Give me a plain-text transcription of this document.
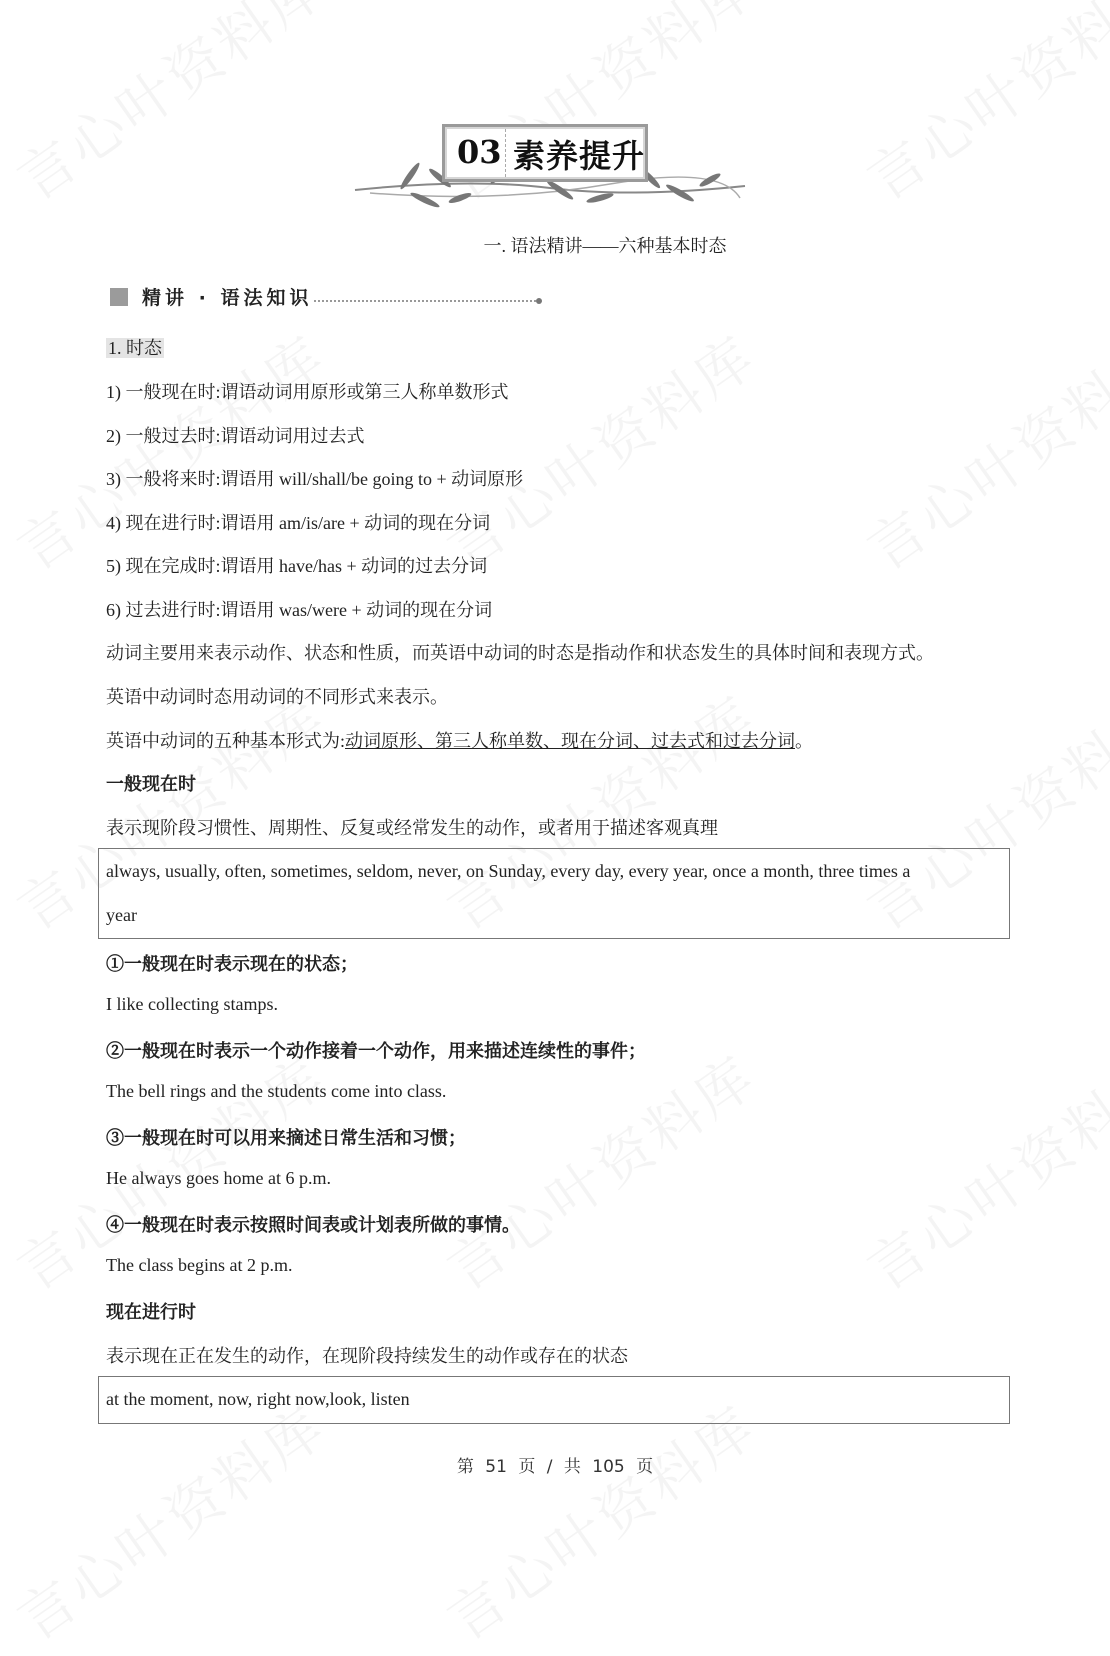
03 素养提升
一. 语法精讲——六种基本时态
精讲 · 语法知识
1. 时态
1) 一般现在时:谓语动词用原形或第三人称单数形式
2) 一般过去时:谓语动词用过去式
3) 一般将来时:谓语用 will/shall/be going to + 动词原形
4) 现在进行时:谓语用 am/is/are + 动词的现在分词
5) 现在完成时:谓语用 have/has + 动词的过去分词
6) 过去进行时:谓语用 was/were + 动词的现在分词
动词主要用来表示动作、状态和性质，而英语中动词的时态是指动作和状态发生的具体时间和表现方式。
英语中动词时态用动词的不同形式来表示。
英语中动词的五种基本形式为:动词原形、第三人称单数、现在分词、过去式和过去分词。
一般现在时
表示现阶段习惯性、周期性、反复或经常发生的动作，或者用于描述客观真理
always, usually, often, sometimes, seldom, never, on Sunday, every day, every year, once a month, three times a
year
①一般现在时表示现在的状态；
I like collecting stamps.
②一般现在时表示一个动作接着一个动作，用来描述连续性的事件；
The bell rings and the students come into class.
③一般现在时可以用来摘述日常生活和习惯；
He always goes home at 6 p.m.
④一般现在时表示按照时间表或计划表所做的事情。
The class begins at 2 p.m.
现在进行时
表示现在正在发生的动作，在现阶段持续发生的动作或存在的状态
at the moment, now, right now,look, listen
第 51 页 / 共 105 页
